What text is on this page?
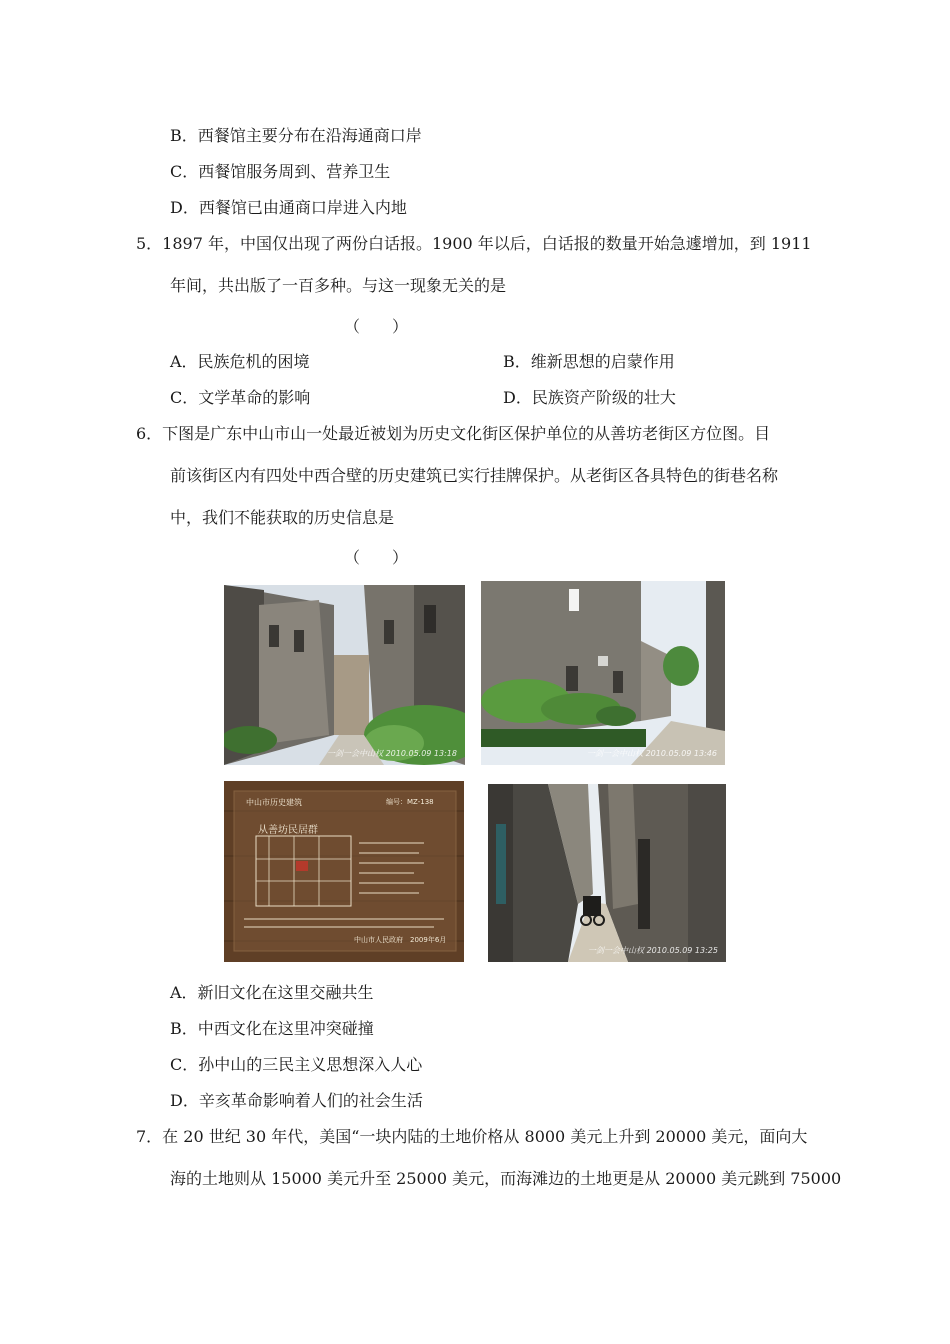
B．西餐馆主要分布在沿海通商口岸
C．西餐馆服务周到、营养卫生
D．西餐馆已由通商口岸进入内地
5．1897 年，中国仅出现了两份白话报。1900 年以后，白话报的数量开始急遽增加，到 1911
年间，共出版了一百多种。与这一现象无关的是
（　　）
A．民族危机的困境	B．维新思想的启蒙作用
C．文学革命的影响	D．民族资产阶级的壮大
6．下图是广东中山市山一处最近被划为历史文化街区保护单位的从善坊老街区方位图。目
前该街区内有四处中西合壁的历史建筑已实行挂牌保护。从老街区各具特色的街巷名称
中，我们不能获取的历史信息是
（　　）
一剑一会中山权 2010.05.09 13:18	一剑一会中山权 2010.05.09 13:46
中山市历史建筑	编号：MZ-138
从善坊民居群
中山市人民政府　2009年6月
一剑一会中山权 2010.05.09 13:25
A．新旧文化在这里交融共生
B．中西文化在这里冲突碰撞
C．孙中山的三民主义思想深入人心
D．辛亥革命影响着人们的社会生活
7．在 20 世纪 30 年代，美国“一块内陆的土地价格从 8000 美元上升到 20000 美元，面向大
海的土地则从 15000 美元升至 25000 美元，而海滩边的土地更是从 20000 美元跳到 75000
